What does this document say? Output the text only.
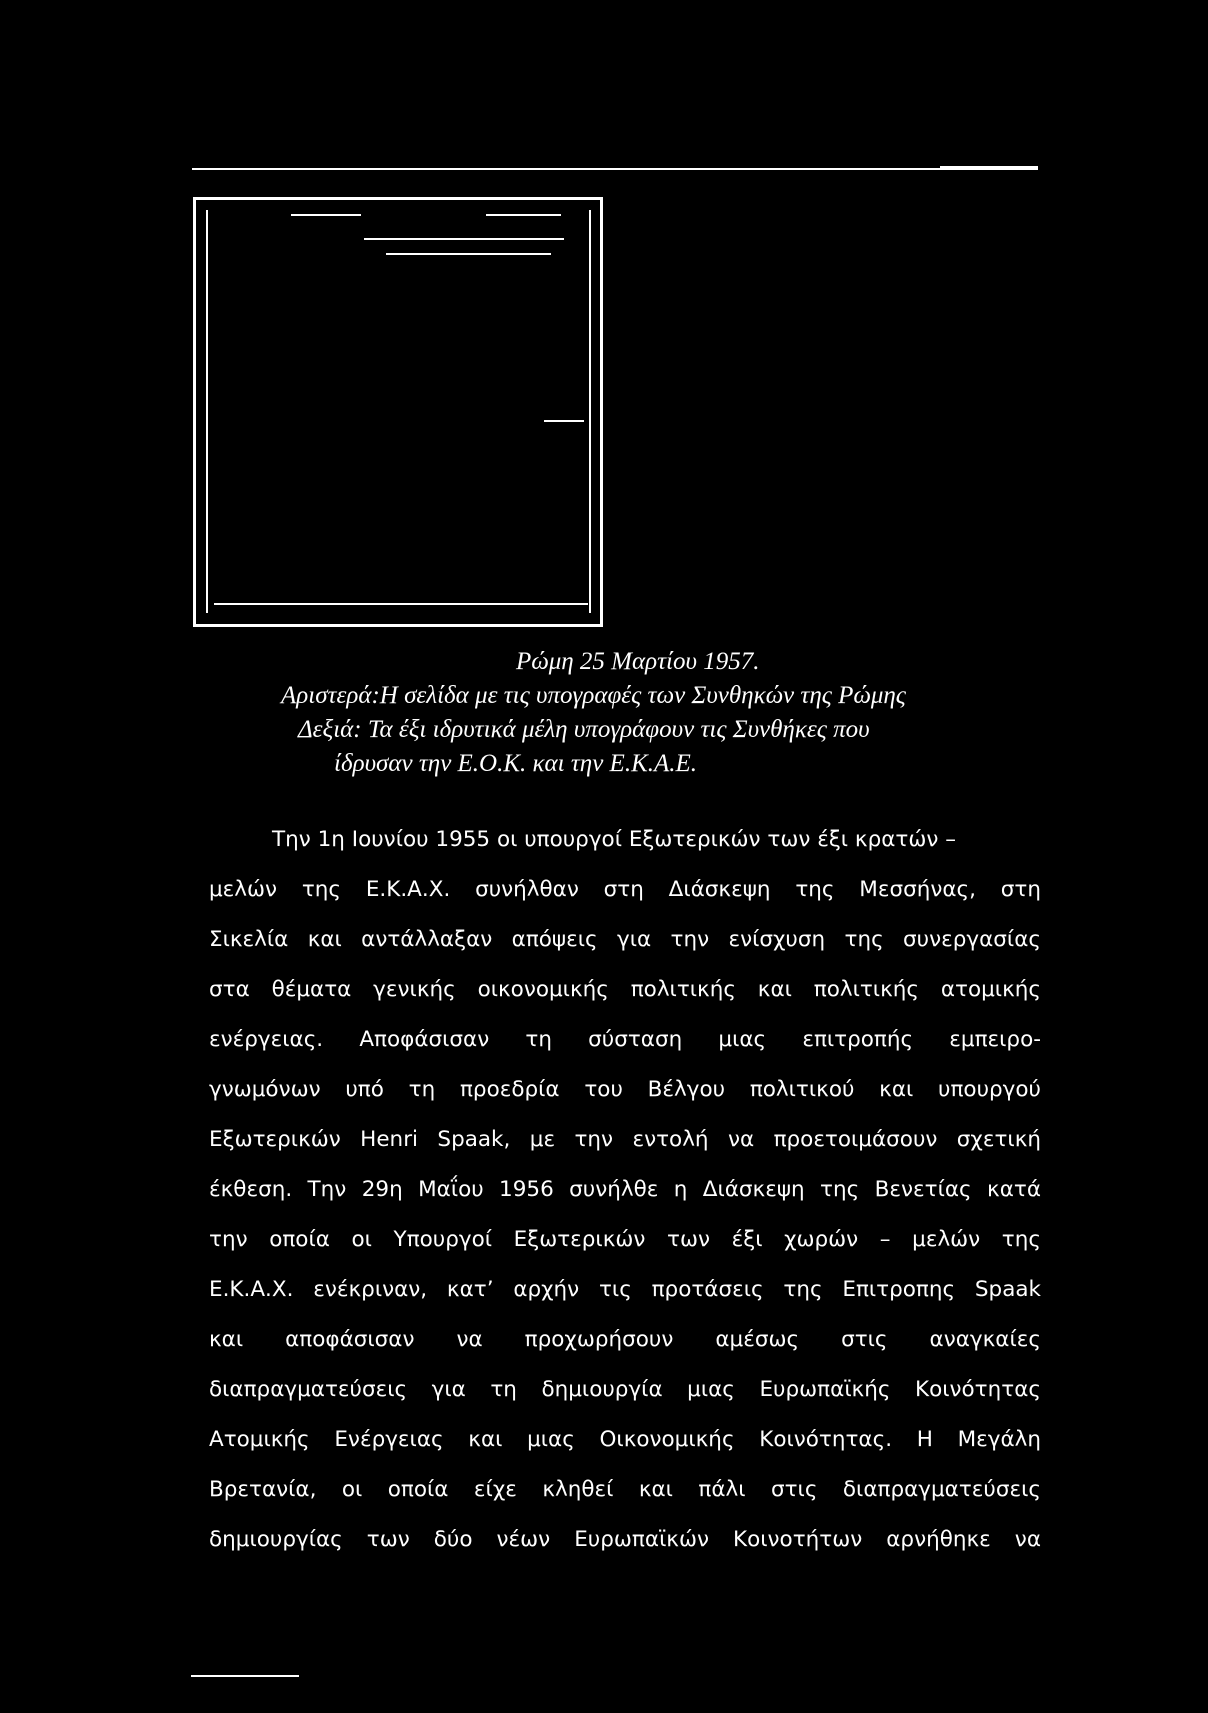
Ρώμη 25 Μαρτίου 1957.
Αριστερά:Η σελίδα με τις υπογραφές των Συνθηκών της Ρώμης
Δεξιά: Τα έξι ιδρυτικά μέλη υπογράφουν τις Συνθήκες που
ίδρυσαν την Ε.Ο.Κ. και την Ε.Κ.Α.Ε.
Την 1η Ιουνίου 1955 οι υπουργοί Εξωτερικών των έξι κρατών –
μελών της Ε.Κ.Α.Χ. συνήλθαν στη Διάσκεψη της Μεσσήνας, στη
Σικελία και αντάλλαξαν απόψεις για την ενίσχυση της συνεργασίας
στα θέματα γενικής οικονομικής πολιτικής και πολιτικής ατομικής
ενέργειας. Αποφάσισαν τη σύσταση μιας επιτροπής εμπειρο-
γνωμόνων υπό τη προεδρία του Βέλγου πολιτικού και υπουργού
Εξωτερικών Henri Spaak, με την εντολή να προετοιμάσουν σχετική
έκθεση. Την 29η Μαΐου 1956 συνήλθε η Διάσκεψη της Βενετίας κατά
την οποία οι Υπουργοί Εξωτερικών των έξι χωρών – μελών της
Ε.Κ.Α.Χ. ενέκριναν, κατ’ αρχήν τις προτάσεις της Επιτροπης Spaak
και αποφάσισαν να προχωρήσουν αμέσως στις αναγκαίες
διαπραγματεύσεις για τη δημιουργία μιας Ευρωπαϊκής Κοινότητας
Ατομικής Ενέργειας και μιας Οικονομικής Κοινότητας. Η Μεγάλη
Βρετανία, οι οποία είχε κληθεί και πάλι στις διαπραγματεύσεις
δημιουργίας των δύο νέων Ευρωπαϊκών Κοινοτήτων αρνήθηκε να
